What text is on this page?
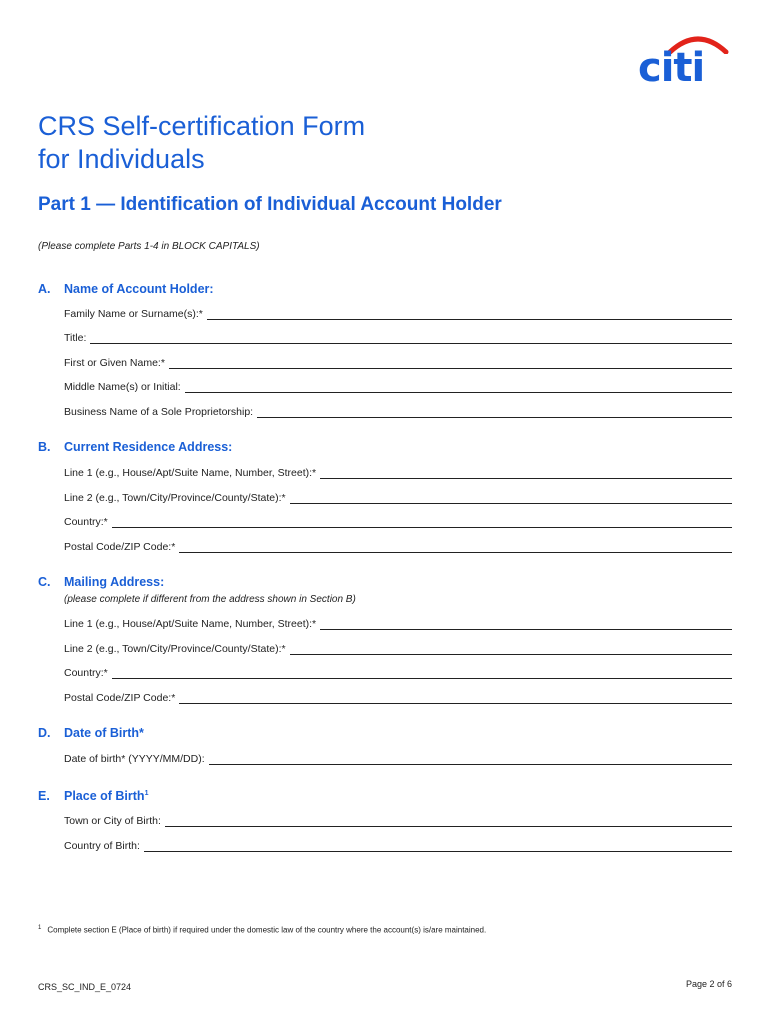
citi
CRS Self-certification Form
for Individuals
Part 1 — Identification of Individual Account Holder
(Please complete Parts 1-4 in BLOCK CAPITALS)
A. Name of Account Holder:
Family Name or Surname(s):*
Title:
First or Given Name:*
Middle Name(s) or Initial:
Business Name of a Sole Proprietorship:
B. Current Residence Address:
Line 1 (e.g., House/Apt/Suite Name, Number, Street):*
Line 2 (e.g., Town/City/Province/County/State):*
Country:*
Postal Code/ZIP Code:*
C. Mailing Address:
(please complete if different from the address shown in Section B)
Line 1 (e.g., House/Apt/Suite Name, Number, Street):*
Line 2 (e.g., Town/City/Province/County/State):*
Country:*
Postal Code/ZIP Code:*
D. Date of Birth*
Date of birth* (YYYY/MM/DD):
E. Place of Birth$^1$
Town or City of Birth:
Country of Birth:
$^1$ Complete section E (Place of birth) if required under the domestic law of the country where the account(s) is/are maintained.
CRS_SC_IND_E_0724	Page 2 of 6
